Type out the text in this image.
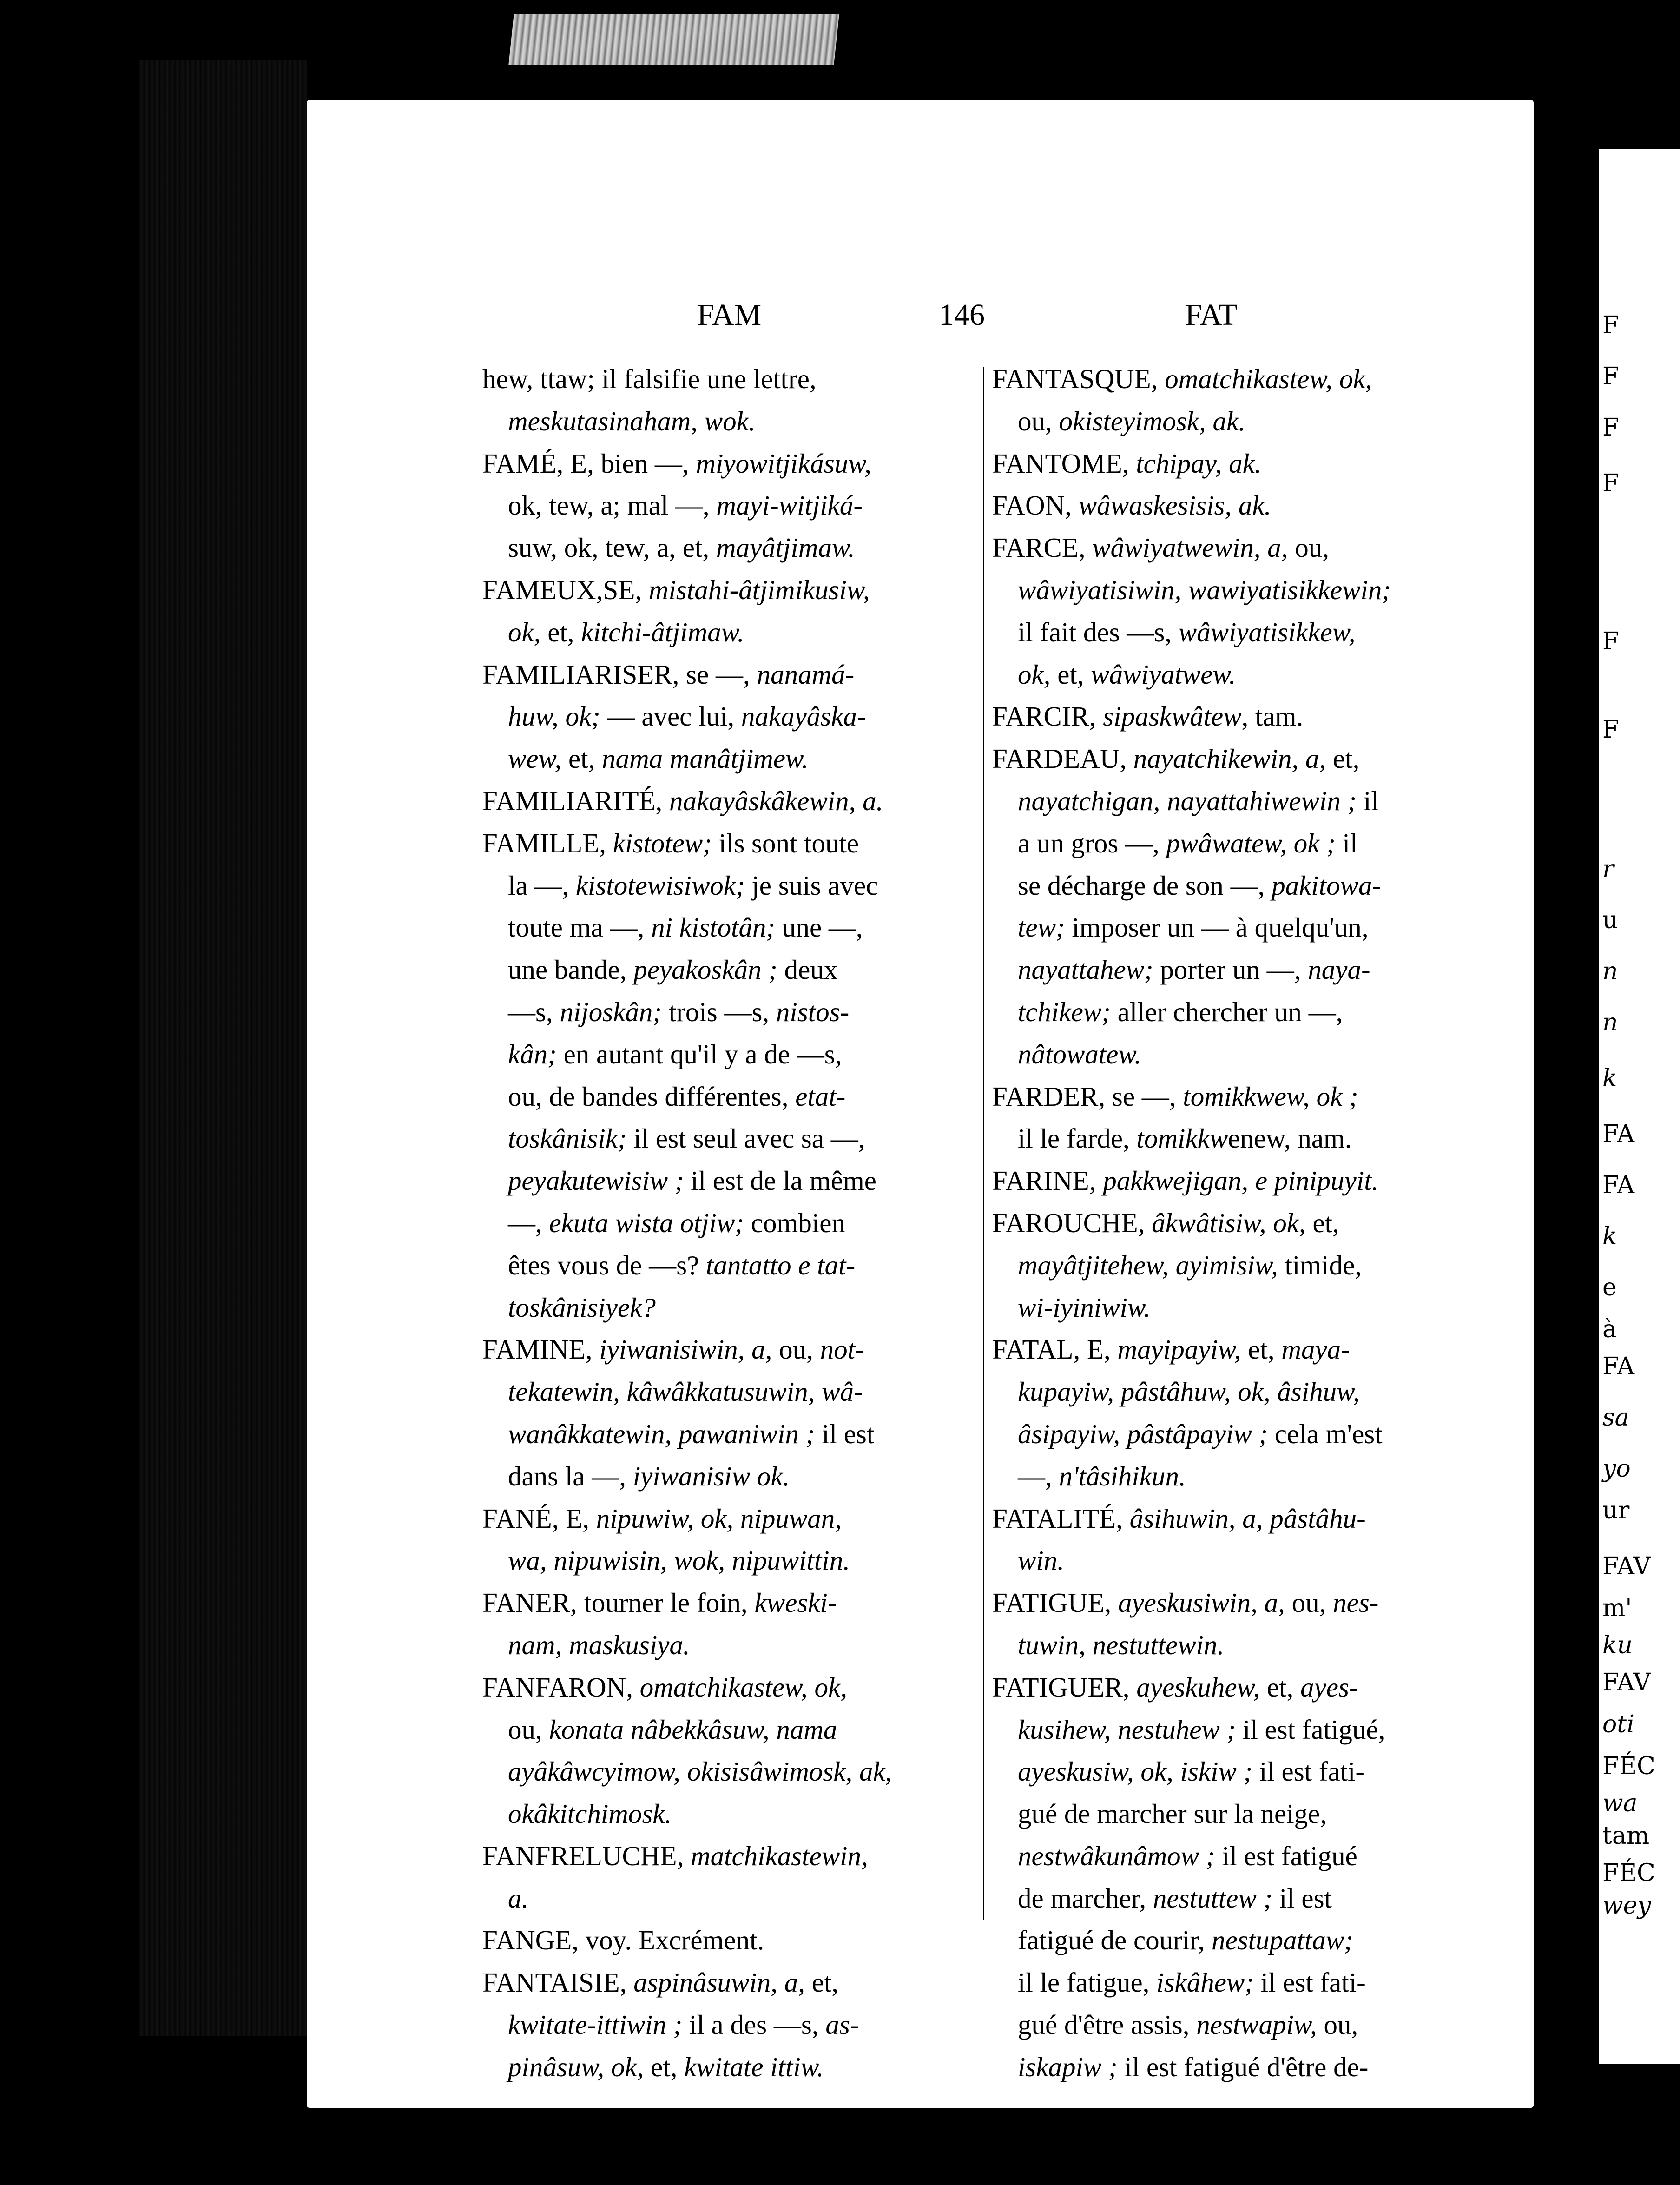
F
F
F
F
F
F
r
u
n
n
k
FA
FA
k
e
à
FA
sa
yo
ur
FAV
m'
ku
FAV
oti
FÉC
wa
tam
FÉC
wey
FAM	146	FAT
hew, ttaw; il falsifie une lettre,
meskutasinaham, wok.
FAMÉ, E, bien —, miyowitjikásuw,
ok, tew, a; mal —, mayi-witjiká-
suw, ok, tew, a, et, mayâtjimaw.
FAMEUX,SE, mistahi-âtjimikusiw,
ok, et, kitchi-âtjimaw.
FAMILIARISER, se —, nanamá-
huw, ok; — avec lui, nakayâska-
wew, et, nama manâtjimew.
FAMILIARITÉ, nakayâskâkewin, a.
FAMILLE, kistotew; ils sont toute
la —, kistotewisiwok; je suis avec
toute ma —, ni kistotân; une —,
une bande, peyakoskân ; deux
—s, nijoskân; trois —s, nistos-
kân; en autant qu'il y a de —s,
ou, de bandes différentes, etat-
toskânisik; il est seul avec sa —,
peyakutewisiw ; il est de la même
—, ekuta wista otjiw; combien
êtes vous de —s? tantatto e tat-
toskânisiyek?
FAMINE, iyiwanisiwin, a, ou, not-
tekatewin, kâwâkkatusuwin, wâ-
wanâkkatewin, pawaniwin ; il est
dans la —, iyiwanisiw ok.
FANÉ, E, nipuwiw, ok, nipuwan,
wa, nipuwisin, wok, nipuwittin.
FANER, tourner le foin, kweski-
nam, maskusiya.
FANFARON, omatchikastew, ok,
ou, konata nâbekkâsuw, nama
ayâkâwcyimow, okisisâwimosk, ak,
okâkitchimosk.
FANFRELUCHE, matchikastewin,
a.
FANGE, voy. Excrément.
FANTAISIE, aspinâsuwin, a, et,
kwitate-ittiwin ; il a des —s, as-
pinâsuw, ok, et, kwitate ittiw.
FANTASQUE, omatchikastew, ok,
ou, okisteyimosk, ak.
FANTOME, tchipay, ak.
FAON, wâwaskesisis, ak.
FARCE, wâwiyatwewin, a, ou,
wâwiyatisiwin, wawiyatisikkewin;
il fait des —s, wâwiyatisikkew,
ok, et, wâwiyatwew.
FARCIR, sipaskwâtew, tam.
FARDEAU, nayatchikewin, a, et,
nayatchigan, nayattahiwewin ; il
a un gros —, pwâwatew, ok ; il
se décharge de son —, pakitowa-
tew; imposer un — à quelqu'un,
nayattahew; porter un —, naya-
tchikew; aller chercher un —,
nâtowatew.
FARDER, se —, tomikkwew, ok ;
il le farde, tomikkwenew, nam.
FARINE, pakkwejigan, e pinipuyit.
FAROUCHE, âkwâtisiw, ok, et,
mayâtjitehew, ayimisiw, timide,
wi-iyiniwiw.
FATAL, E, mayipayiw, et, maya-
kupayiw, pâstâhuw, ok, âsihuw,
âsipayiw, pâstâpayiw ; cela m'est
—, n'tâsihikun.
FATALITÉ, âsihuwin, a, pâstâhu-
win.
FATIGUE, ayeskusiwin, a, ou, nes-
tuwin, nestuttewin.
FATIGUER, ayeskuhew, et, ayes-
kusihew, nestuhew ; il est fatigué,
ayeskusiw, ok, iskiw ; il est fati-
gué de marcher sur la neige,
nestwâkunâmow ; il est fatigué
de marcher, nestuttew ; il est
fatigué de courir, nestupattaw;
il le fatigue, iskâhew; il est fati-
gué d'être assis, nestwapiw, ou,
iskapiw ; il est fatigué d'être de-
